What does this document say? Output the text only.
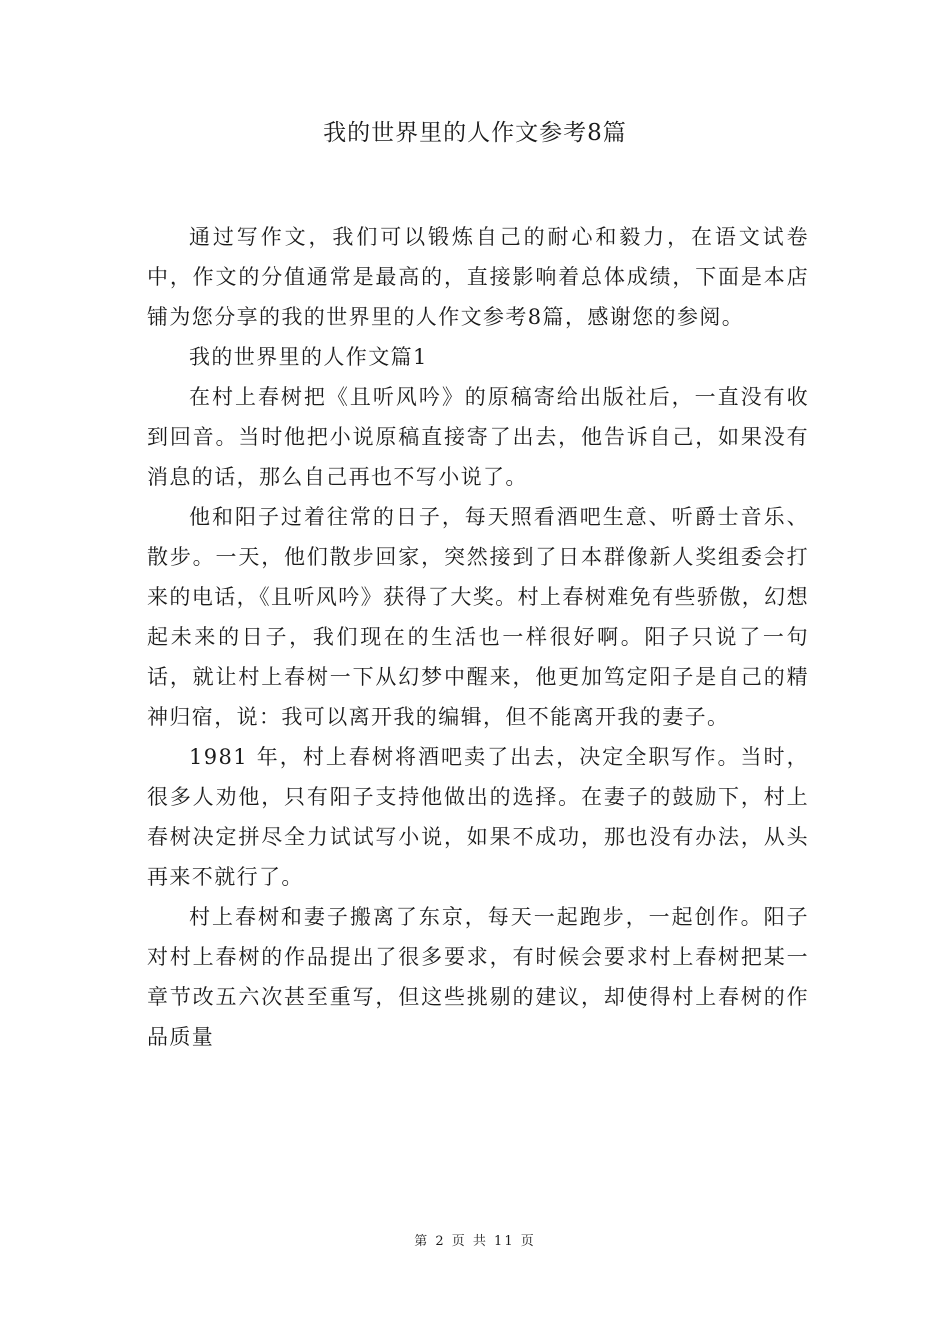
我的世界里的人作文参考8篇

通过写作文，我们可以锻炼自己的耐心和毅力，在语文试卷中，作文的分值通常是最高的，直接影响着总体成绩，下面是本店铺为您分享的我的世界里的人作文参考8篇，感谢您的参阅。

我的世界里的人作文篇1

在村上春树把《且听风吟》的原稿寄给出版社后，一直没有收到回音。当时他把小说原稿直接寄了出去，他告诉自己，如果没有消息的话，那么自己再也不写小说了。

他和阳子过着往常的日子，每天照看酒吧生意、听爵士音乐、散步。一天，他们散步回家，突然接到了日本群像新人奖组委会打来的电话，《且听风吟》获得了大奖。村上春树难免有些骄傲，幻想起未来的日子，我们现在的生活也一样很好啊。阳子只说了一句话，就让村上春树一下从幻梦中醒来，他更加笃定阳子是自己的精神归宿，说：我可以离开我的编辑，但不能离开我的妻子。

1981 年，村上春树将酒吧卖了出去，决定全职写作。当时，很多人劝他，只有阳子支持他做出的选择。在妻子的鼓励下，村上春树决定拼尽全力试试写小说，如果不成功，那也没有办法，从头再来不就行了。

村上春树和妻子搬离了东京，每天一起跑步，一起创作。阳子对村上春树的作品提出了很多要求，有时候会要求村上春树把某一章节改五六次甚至重写，但这些挑剔的建议，却使得村上春树的作品质量

第 2 页 共 11 页
